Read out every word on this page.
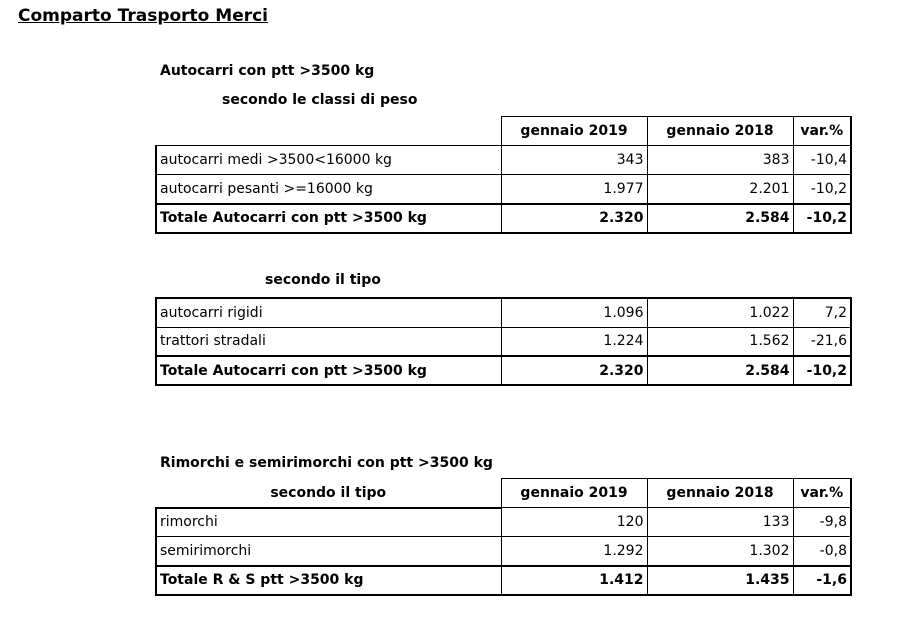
Comparto Trasporto Merci
Autocarri con ptt >3500 kg
secondo le classi di peso
	gennaio 2019	gennaio 2018	var.%
autocarri medi >3500<16000 kg	343	383	-10,4
autocarri pesanti >=16000 kg	1.977	2.201	-10,2
Totale Autocarri con ptt >3500 kg	2.320	2.584	-10,2
secondo il tipo
autocarri rigidi	1.096	1.022	7,2
trattori stradali	1.224	1.562	-21,6
Totale Autocarri con ptt >3500 kg	2.320	2.584	-10,2
Rimorchi e semirimorchi con ptt >3500 kg
secondo il tipo	gennaio 2019	gennaio 2018	var.%
rimorchi	120	133	-9,8
semirimorchi	1.292	1.302	-0,8
Totale R & S ptt >3500 kg	1.412	1.435	-1,6
